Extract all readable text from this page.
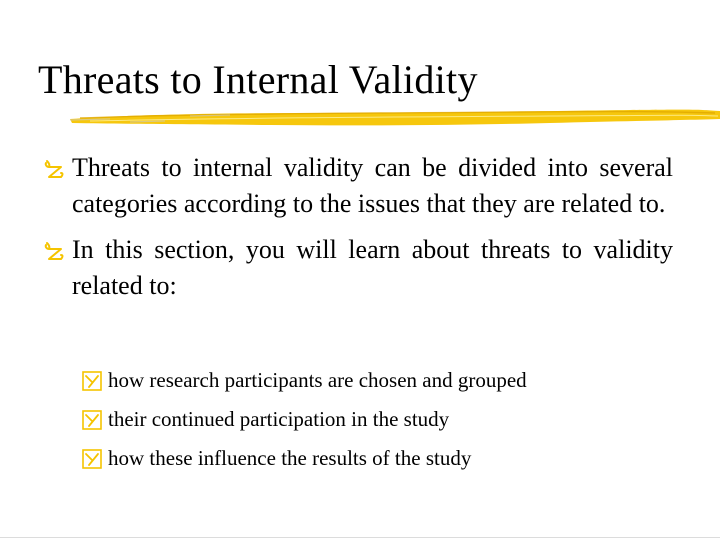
Threats to Internal Validity
Threats to internal validity can be divided into several categories according to the issues that they are related to.
In this section, you will learn about threats to validity related to:
how research participants are chosen and grouped
their continued participation in the study
how these influence the results of the study
